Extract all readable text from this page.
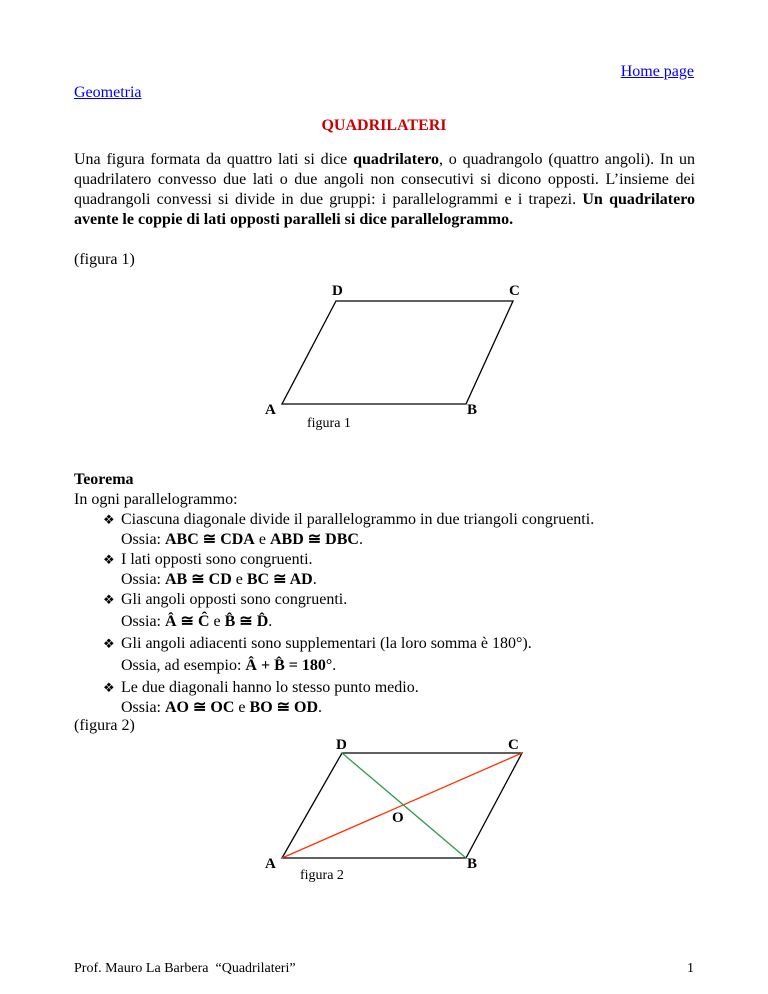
Home page
Geometria
QUADRILATERI
Una figura formata da quattro lati si dice quadrilatero, o quadrangolo (quattro angoli). In un quadrilatero convesso due lati o due angoli non consecutivi si dicono opposti. L’insieme dei quadrangoli convessi si divide in due gruppi: i parallelogrammi e i trapezi. Un quadrilatero avente le coppie di lati opposti paralleli si dice parallelogrammo.
(figura 1)
D	C
A	B
figura 1
Teorema
In ogni parallelogrammo:
❖ Ciascuna diagonale divide il parallelogrammo in due triangoli congruenti.
Ossia: ABC ≅ CDA e ABD ≅ DBC.
❖ I lati opposti sono congruenti.
Ossia: AB ≅ CD e BC ≅ AD.
❖ Gli angoli opposti sono congruenti.
Ossia: Â ≅ Ĉ e B̂ ≅ D̂.
❖ Gli angoli adiacenti sono supplementari (la loro somma è 180°).
Ossia, ad esempio: Â + B̂ = 180°.
❖ Le due diagonali hanno lo stesso punto medio.
Ossia: AO ≅ OC e BO ≅ OD.
(figura 2)
D	C
O
A	B
figura 2
Prof. Mauro La Barbera  “Quadrilateri”	1
